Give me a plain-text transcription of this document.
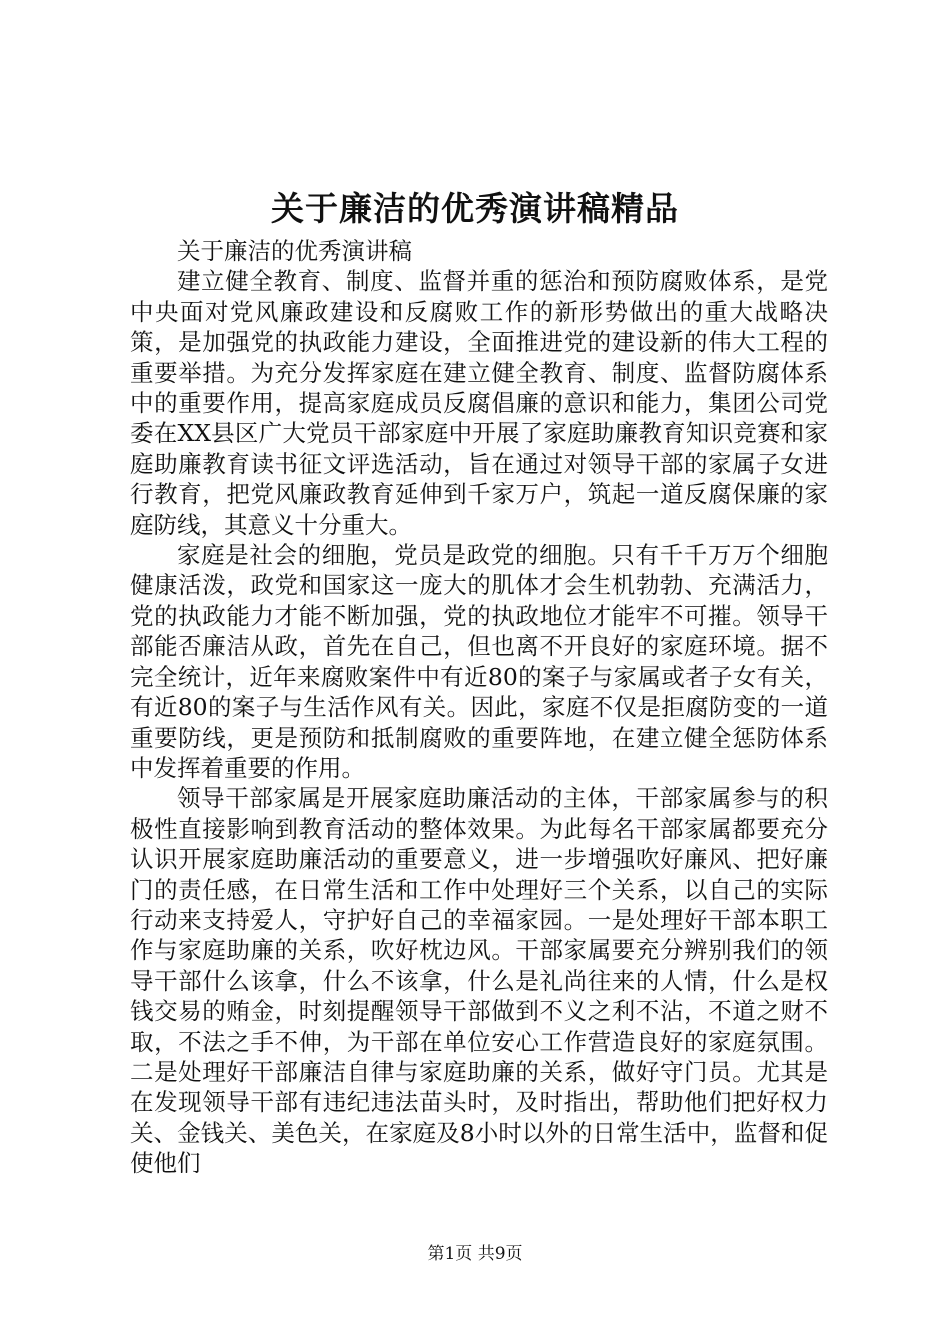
关于廉洁的优秀演讲稿精品

关于廉洁的优秀演讲稿

建立健全教育、制度、监督并重的惩治和预防腐败体系，是党中央面对党风廉政建设和反腐败工作的新形势做出的重大战略决策，是加强党的执政能力建设，全面推进党的建设新的伟大工程的重要举措。为充分发挥家庭在建立健全教育、制度、监督防腐体系中的重要作用，提高家庭成员反腐倡廉的意识和能力，集团公司党委在XX县区广大党员干部家庭中开展了家庭助廉教育知识竞赛和家庭助廉教育读书征文评选活动，旨在通过对领导干部的家属子女进行教育，把党风廉政教育延伸到千家万户，筑起一道反腐保廉的家庭防线，其意义十分重大。

家庭是社会的细胞，党员是政党的细胞。只有千千万万个细胞健康活泼，政党和国家这一庞大的肌体才会生机勃勃、充满活力，党的执政能力才能不断加强，党的执政地位才能牢不可摧。领导干部能否廉洁从政，首先在自己，但也离不开良好的家庭环境。据不完全统计，近年来腐败案件中有近80的案子与家属或者子女有关，有近80的案子与生活作风有关。因此，家庭不仅是拒腐防变的一道重要防线，更是预防和抵制腐败的重要阵地，在建立健全惩防体系中发挥着重要的作用。

领导干部家属是开展家庭助廉活动的主体，干部家属参与的积极性直接影响到教育活动的整体效果。为此每名干部家属都要充分认识开展家庭助廉活动的重要意义，进一步增强吹好廉风、把好廉门的责任感，在日常生活和工作中处理好三个关系，以自己的实际行动来支持爱人，守护好自己的幸福家园。一是处理好干部本职工作与家庭助廉的关系，吹好枕边风。干部家属要充分辨别我们的领导干部什么该拿，什么不该拿，什么是礼尚往来的人情，什么是权钱交易的贿金，时刻提醒领导干部做到不义之利不沾，不道之财不取，不法之手不伸，为干部在单位安心工作营造良好的家庭氛围。二是处理好干部廉洁自律与家庭助廉的关系，做好守门员。尤其是在发现领导干部有违纪违法苗头时，及时指出，帮助他们把好权力关、金钱关、美色关，在家庭及8小时以外的日常生活中，监督和促使他们

第1页 共9页
